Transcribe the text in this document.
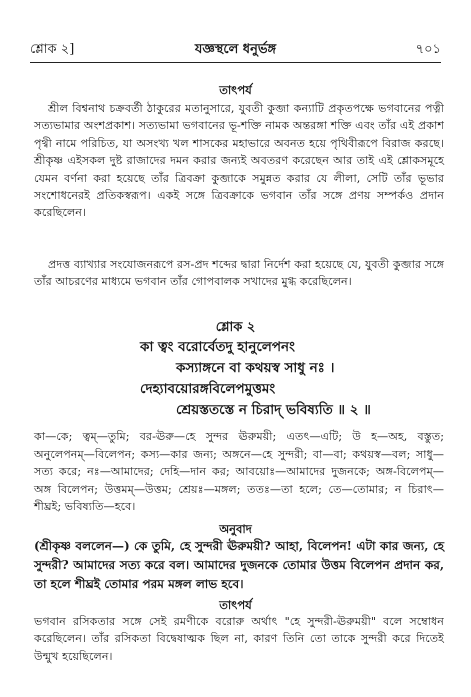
শ্লোক ২]	যজ্ঞস্থলে ধনুর্ভঙ্গ	৭০১
তাৎপর্য

শ্রীল বিশ্বনাথ চক্রবর্তী ঠাকুরের মতানুসারে, যুবতী কুব্জা কন্যাটি প্রকৃতপক্ষে ভগবানের পত্নী সত্যভামার অংশপ্রকাশ। সত্যভামা ভগবানের ভূ-শক্তি নামক অন্তরঙ্গা শক্তি এবং তাঁর এই প্রকাশ পৃথ্বী নামে পরিচিত, যা অসংখ্য খল শাসকের মহাভারে অবনত হয়ে পৃথিবীরূপে বিরাজ করছে। শ্রীকৃষ্ণ এইসকল দুষ্ট রাজাদের দমন করার জন্যই অবতরণ করেছেন আর তাই এই শ্লোকসমূহে যেমন বর্ণনা করা হয়েছে তাঁর ত্রিবক্রা কুব্জাকে সমুন্নত করার যে লীলা, সেটি তাঁর ভূভার সংশোধনেরই প্রতিকস্বরূপ। একই সঙ্গে ত্রিবক্রাকে ভগবান তাঁর সঙ্গে প্রণয় সম্পর্কও প্রদান করেছিলেন।

প্রদত্ত ব্যাখ্যার সংযোজনরূপে রস-প্রদ শব্দের দ্বারা নির্দেশ করা হয়েছে যে, যুবতী কুব্জার সঙ্গে তাঁর আচরণের মাধ্যমে ভগবান তাঁর গোপবালক সখাদের মুগ্ধ করেছিলেন।

শ্লোক ২
কা ত্বং বরোর্বেতদু হানুলেপনং
কস্যাঙ্গনে বা কথয়স্ব সাধু নঃ ।
দেহ্যাবয়োরঙ্গবিলেপমুত্তমং
শ্রেয়স্ততস্তে ন চিরাদ্ ভবিষ্যতি ॥ ২ ॥

কা—কে; ত্বম্—তুমি; বর-ঊরু—হে সুন্দর ঊরুময়ী; এতৎ—এটি; উ হ—অহ, বস্তুত; অনুলেপনম্—বিলেপন; কস্য—কার জন্য; অঙ্গনে—হে সুন্দরী; বা—বা; কথয়স্ব—বল; সাধু—সত্য করে; নঃ—আমাদের; দেহি—দান কর; আবয়োঃ—আমাদের দুজনকে; অঙ্গ-বিলেপম্—অঙ্গ বিলেপন; উত্তমম্—উত্তম; শ্রেয়ঃ—মঙ্গল; ততঃ—তা হলে; তে—তোমার; ন চিরাৎ—শীঘ্রই; ভবিষ্যতি—হবে।

অনুবাদ

(শ্রীকৃষ্ণ বললেন—) কে তুমি, হে সুন্দরী ঊরুময়ী? আহা, বিলেপন! এটা কার জন্য, হে সুন্দরী? আমাদের সত্য করে বল। আমাদের দুজনকে তোমার উত্তম বিলেপন প্রদান কর, তা হলে শীঘ্রই তোমার পরম মঙ্গল লাভ হবে।

তাৎপর্য

ভগবান রসিকতার সঙ্গে সেই রমণীকে বরোরু অর্থাৎ "হে সুন্দরী-ঊরুময়ী" বলে সম্বোধন করেছিলেন। তাঁর রসিকতা বিদ্বেষাত্মক ছিল না, কারণ তিনি তো তাকে সুন্দরী করে দিতেই উন্মুখ হয়েছিলেন।
